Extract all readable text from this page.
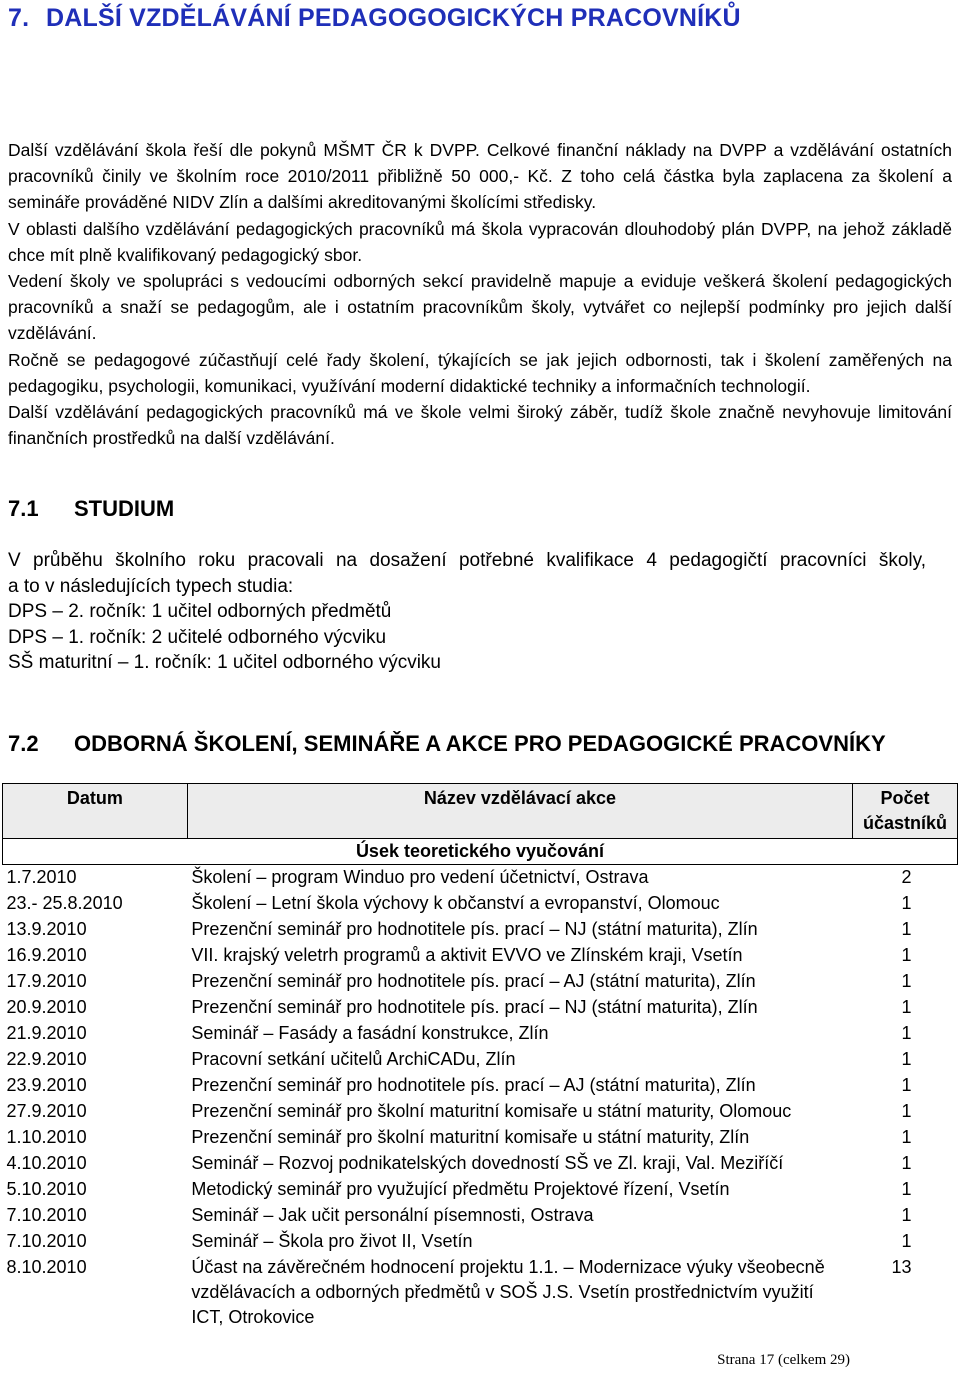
7. DALŠÍ VZDĚLÁVÁNÍ PEDAGOGOGICKÝCH PRACOVNÍKŮ

Další vzdělávání škola řeší dle pokynů MŠMT ČR k DVPP. Celkové finanční náklady na DVPP a vzdělávání ostatních pracovníků činily ve školním roce 2010/2011 přibližně 50 000,- Kč. Z toho celá částka byla zaplacena za školení a semináře prováděné NIDV Zlín a dalšími akreditovanými školícími středisky.

V oblasti dalšího vzdělávání pedagogických pracovníků má škola vypracován dlouhodobý plán DVPP, na jehož základě chce mít plně kvalifikovaný pedagogický sbor.

Vedení školy ve spolupráci s vedoucími odborných sekcí pravidelně mapuje a eviduje veškerá školení pedagogických pracovníků a snaží se pedagogům, ale i ostatním pracovníkům školy, vytvářet co nejlepší podmínky pro jejich další vzdělávání.

Ročně se pedagogové zúčastňují celé řady školení, týkajících se jak jejich odbornosti, tak i školení zaměřených na pedagogiku, psychologii, komunikaci, využívání moderní didaktické techniky a informačních technologií.

Další vzdělávání pedagogických pracovníků má ve škole velmi široký záběr, tudíž škole značně nevyhovuje limitování finančních prostředků na další vzdělávání.

7.1 STUDIUM

V průběhu školního roku pracovali na dosažení potřebné kvalifikace 4 pedagogičtí pracovníci školy,

a to v následujících typech studia:

DPS – 2. ročník: 1 učitel odborných předmětů

DPS – 1. ročník: 2 učitelé odborného výcviku

SŠ maturitní – 1. ročník: 1 učitel odborného výcviku

7.2 ODBORNÁ ŠKOLENÍ, SEMINÁŘE A AKCE PRO PEDAGOGICKÉ PRACOVNÍKY
Datum	Název vzdělávací akce	Počet účastníků
Úsek teoretického vyučování		
1.7.2010	Školení – program Winduo pro vedení účetnictví, Ostrava	2
23.- 25.8.2010	Školení – Letní škola výchovy k občanství a evropanství, Olomouc	1
13.9.2010	Prezenční seminář pro hodnotitele pís. prací – NJ (státní maturita), Zlín	1
16.9.2010	VII. krajský veletrh programů a aktivit EVVO ve Zlínském kraji, Vsetín	1
17.9.2010	Prezenční seminář pro hodnotitele pís. prací – AJ (státní maturita), Zlín	1
20.9.2010	Prezenční seminář pro hodnotitele pís. prací – NJ (státní maturita), Zlín	1
21.9.2010	Seminář – Fasády a fasádní konstrukce, Zlín	1
22.9.2010	Pracovní setkání učitelů ArchiCADu, Zlín	1
23.9.2010	Prezenční seminář pro hodnotitele pís. prací – AJ (státní maturita), Zlín	1
27.9.2010	Prezenční seminář pro školní maturitní komisaře u státní maturity, Olomouc	1
1.10.2010	Prezenční seminář pro školní maturitní komisaře u státní maturity, Zlín	1
4.10.2010	Seminář – Rozvoj podnikatelských dovedností SŠ ve Zl. kraji, Val. Meziříčí	1
5.10.2010	Metodický seminář pro využující předmětu Projektové řízení, Vsetín	1
7.10.2010	Seminář – Jak učit personální písemnosti, Ostrava	1
7.10.2010	Seminář – Škola pro život II, Vsetín	1
8.10.2010	Účast na závěrečném hodnocení projektu 1.1. – Modernizace výuky všeobecně vzdělávacích a odborných předmětů v SOŠ J.S. Vsetín prostřednictvím využití ICT, Otrokovice	13
Strana 17 (celkem 29)
